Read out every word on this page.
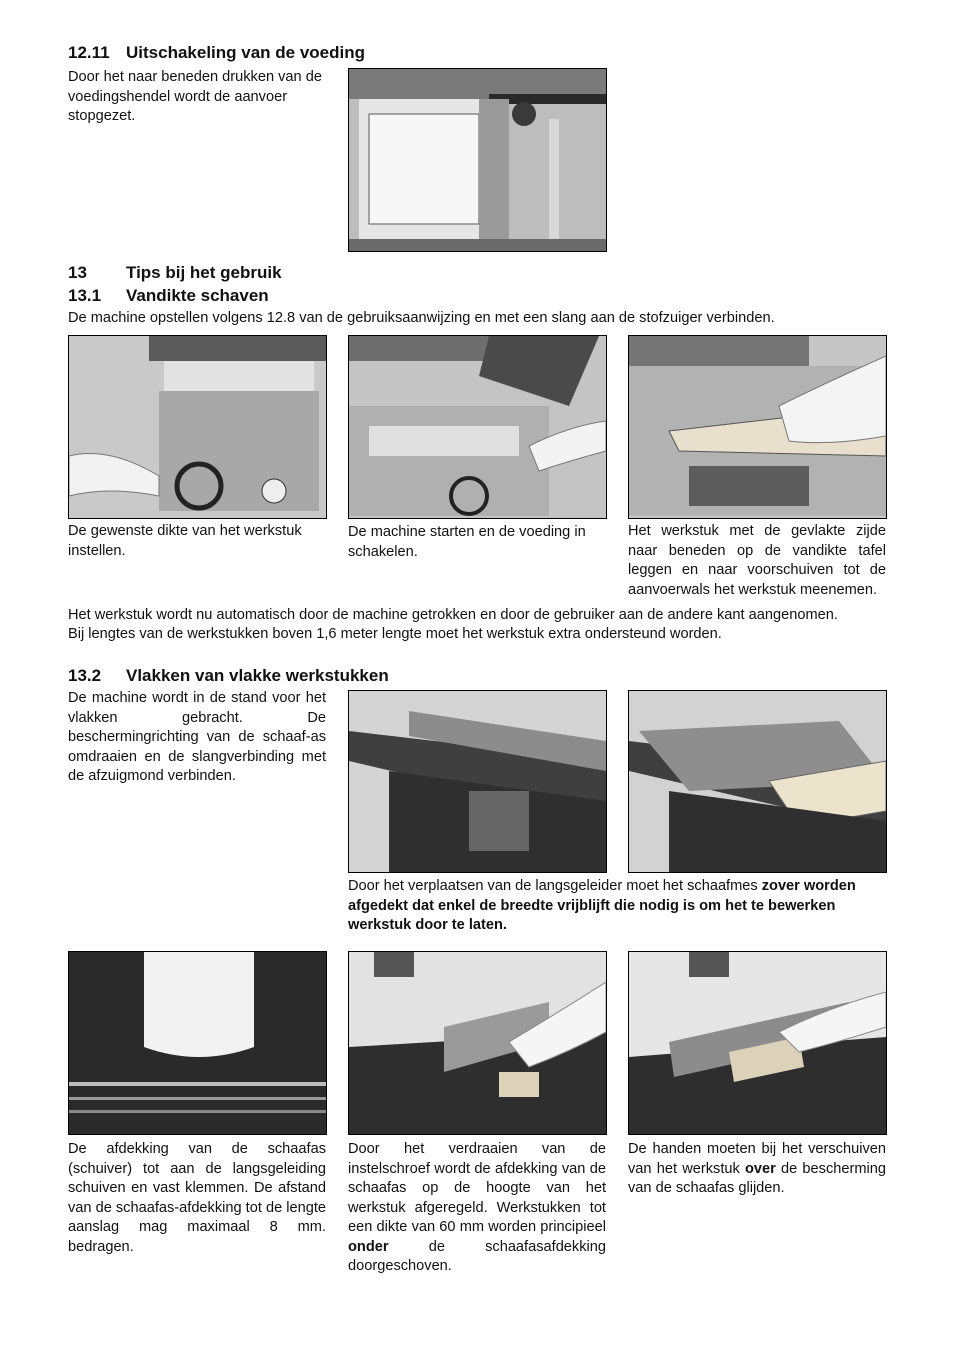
12.11 Uitschakeling van de voeding
Door het naar beneden drukken van de voedingshendel wordt de aanvoer stopgezet.
13 Tips bij het gebruik
13.1 Vandikte schaven
De machine opstellen volgens 12.8 van de gebruiksaanwijzing en met een slang aan de stofzuiger verbinden.
De gewenste dikte van het werkstuk instellen.
De machine starten en de voeding in schakelen.
Het werkstuk met de gevlakte zijde naar beneden op de vandikte tafel leggen en naar voorschuiven tot de aanvoerwals het werkstuk meenemen.
Het werkstuk wordt nu automatisch door de machine getrokken en door de gebruiker aan de andere kant aangenomen.
Bij lengtes van de werkstukken boven 1,6 meter lengte moet het werkstuk extra ondersteund worden.
13.2 Vlakken van vlakke werkstukken
De machine wordt in de stand voor het vlakken gebracht. De beschermingrichting van de schaaf-as omdraaien en de slangverbinding met de afzuigmond verbinden.
Door het verplaatsen van de langsgeleider moet het schaafmes zover worden afgedekt dat enkel de breedte vrijblijft die nodig is om het te bewerken werkstuk door te laten.
De afdekking van de schaafas (schuiver) tot aan de langsgeleiding schuiven en vast klemmen. De afstand van de schaafas-afdekking tot de lengte aanslag mag maximaal 8 mm. bedragen.
Door het verdraaien van de instelschroef wordt de afdekking van de schaafas op de hoogte van het werkstuk afgeregeld. Werkstukken tot een dikte van 60 mm worden principieel onder de schaafasafdekking doorgeschoven.
De handen moeten bij het verschuiven van het werkstuk over de bescherming van de schaafas glijden.
